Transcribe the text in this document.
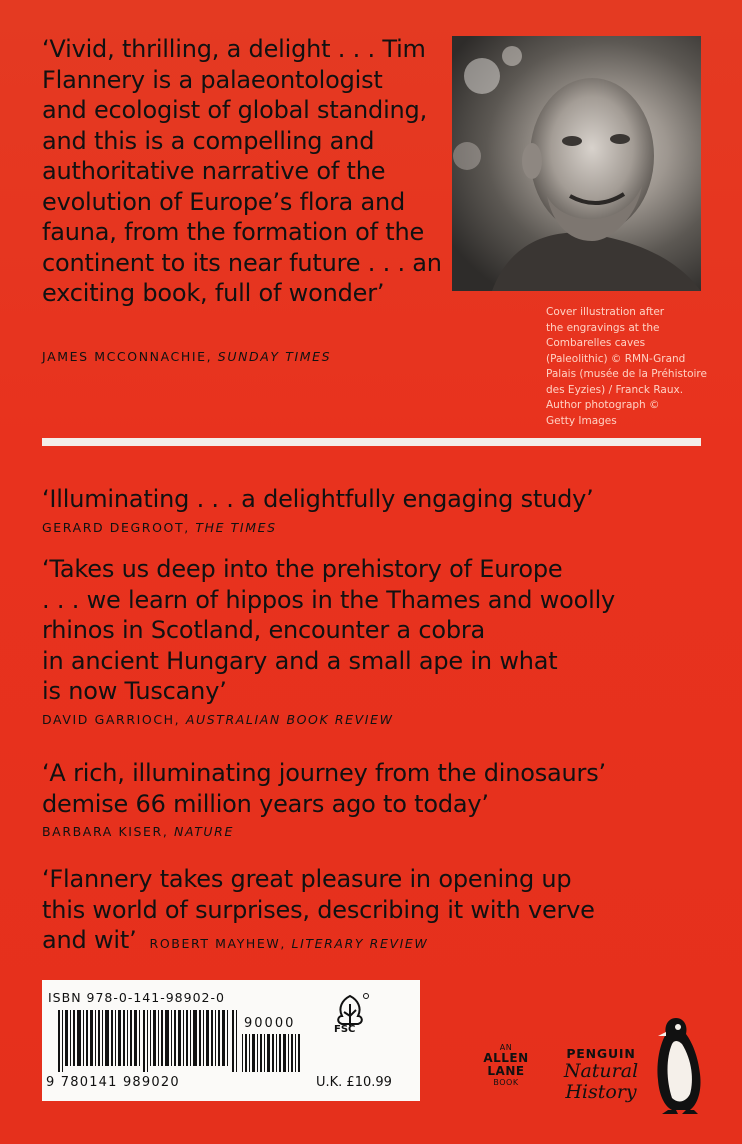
‘Vivid, thrilling, a delight . . . Tim
Flannery is a palaeontologist
and ecologist of global standing,
and this is a compelling and
authoritative narrative of the
evolution of Europe’s flora and
fauna, from the formation of the
continent to its near future . . . an
exciting book, full of wonder’
JAMES MCCONNACHIE, SUNDAY TIMES
Cover illustration after
the engravings at the
Combarelles caves
(Paleolithic) © RMN-Grand
Palais (musée de la Préhistoire
des Eyzies) / Franck Raux.
Author photograph ©
Getty Images
‘Illuminating . . . a delightfully engaging study’
GERARD DEGROOT, THE TIMES
‘Takes us deep into the prehistory of Europe
. . . we learn of hippos in the Thames and woolly
rhinos in Scotland, encounter a cobra
in ancient Hungary and a small ape in what
is now Tuscany’
DAVID GARRIOCH, AUSTRALIAN BOOK REVIEW
‘A rich, illuminating journey from the dinosaurs’
demise 66 million years ago to today’
BARBARA KISER, NATURE
‘Flannery takes great pleasure in opening up
this world of surprises, describing it with verve
and wit’ ROBERT MAYHEW, LITERARY REVIEW
ISBN 978-0-141-98902-0
90000	FSC
9 780141 989020	U.K. £10.99
AN
ALLEN
LANE
BOOK
PENGUIN
Natural
History
